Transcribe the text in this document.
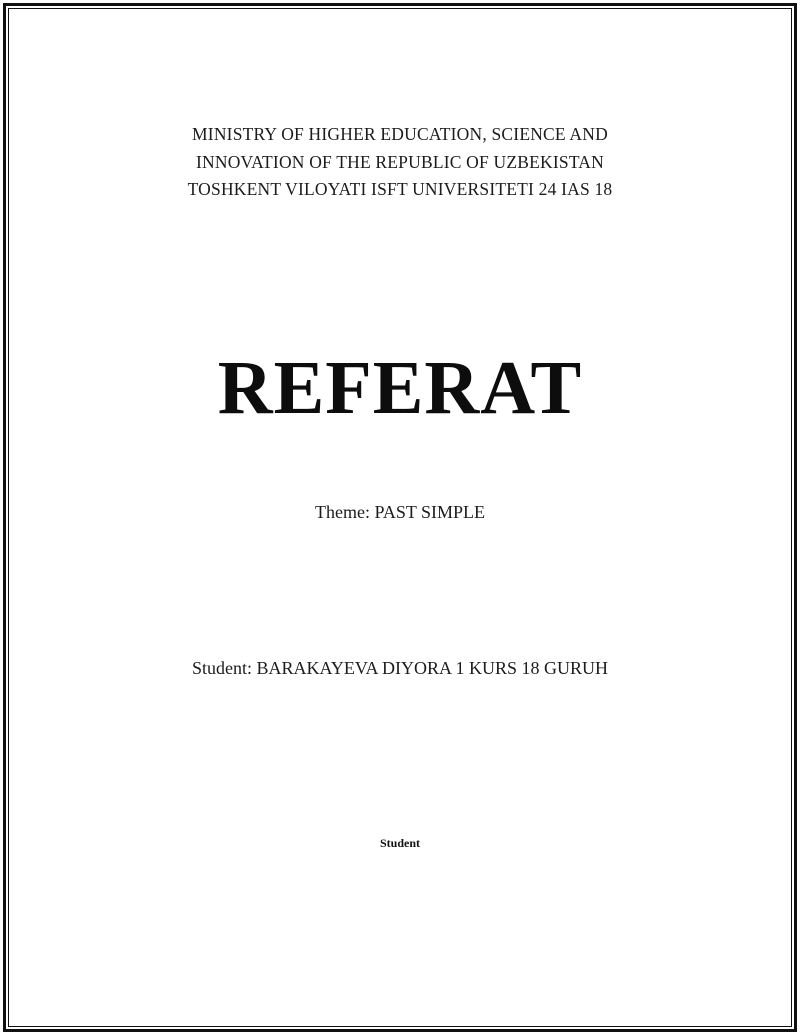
MINISTRY OF HIGHER EDUCATION, SCIENCE AND
INNOVATION OF THE REPUBLIC OF UZBEKISTAN
TOSHKENT VILOYATI ISFT UNIVERSITETI 24 IAS 18
REFERAT
Theme: PAST SIMPLE
Student: BARAKAYEVA DIYORA 1 KURS 18 GURUH
Student
